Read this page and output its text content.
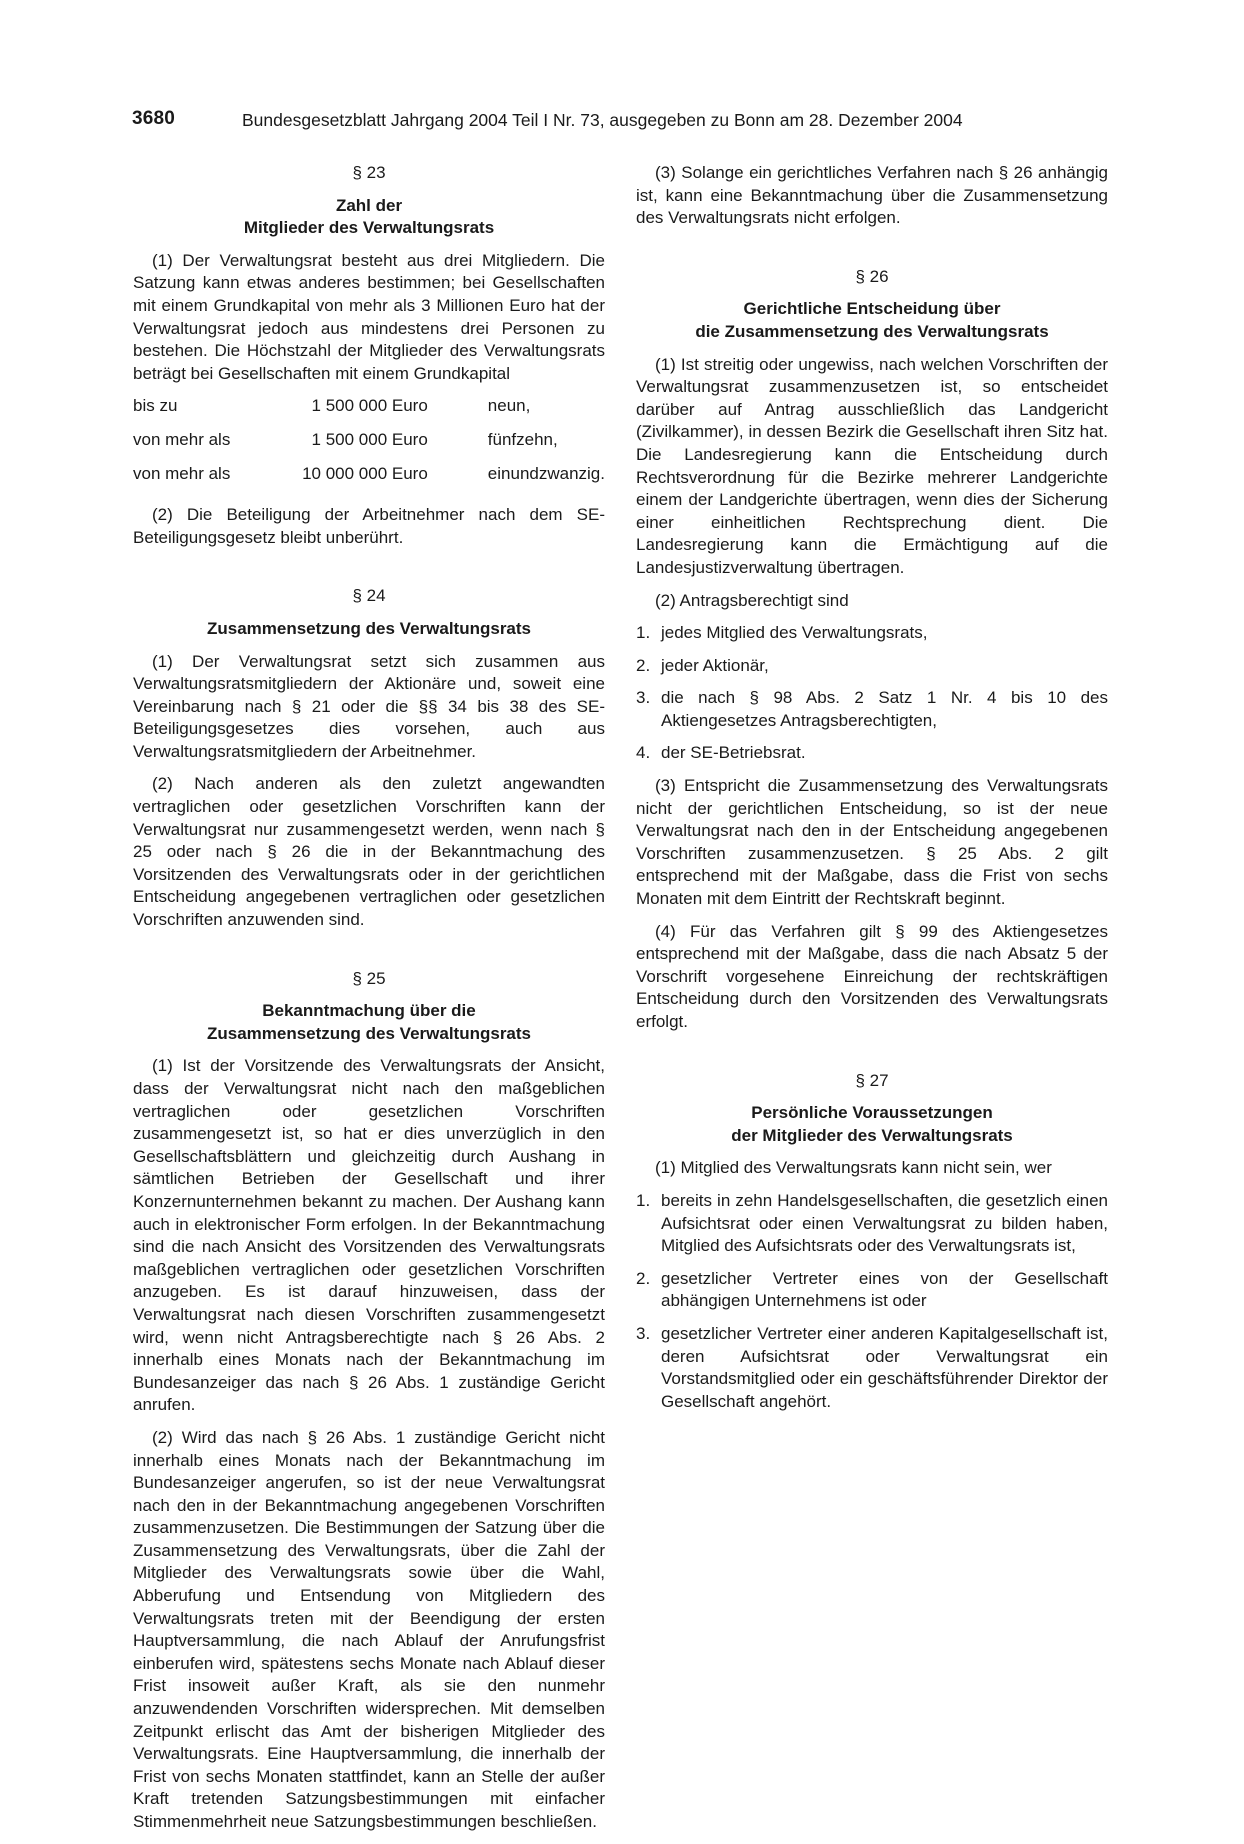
3680	Bundesgesetzblatt Jahrgang 2004 Teil I Nr. 73, ausgegeben zu Bonn am 28. Dezember 2004
§ 23
Zahl der
Mitglieder des Verwaltungsrats

(1) Der Verwaltungsrat besteht aus drei Mitgliedern. Die Satzung kann etwas anderes bestimmen; bei Gesellschaften mit einem Grundkapital von mehr als 3 Millionen Euro hat der Verwaltungsrat jedoch aus mindestens drei Personen zu bestehen. Die Höchstzahl der Mitglieder des Verwaltungsrats beträgt bei Gesellschaften mit einem Grundkapital

bis zu	1 500 000 Euro	neun,
von mehr als	1 500 000 Euro	fünfzehn,
von mehr als	10 000 000 Euro	einundzwanzig.

(2) Die Beteiligung der Arbeitnehmer nach dem SE-Beteiligungsgesetz bleibt unberührt.

§ 24
Zusammensetzung des Verwaltungsrats

(1) Der Verwaltungsrat setzt sich zusammen aus Verwaltungsratsmitgliedern der Aktionäre und, soweit eine Vereinbarung nach § 21 oder die §§ 34 bis 38 des SE-Beteiligungsgesetzes dies vorsehen, auch aus Verwaltungsratsmitgliedern der Arbeitnehmer.

(2) Nach anderen als den zuletzt angewandten vertraglichen oder gesetzlichen Vorschriften kann der Verwaltungsrat nur zusammengesetzt werden, wenn nach § 25 oder nach § 26 die in der Bekanntmachung des Vorsitzenden des Verwaltungsrats oder in der gerichtlichen Entscheidung angegebenen vertraglichen oder gesetzlichen Vorschriften anzuwenden sind.

§ 25
Bekanntmachung über die
Zusammensetzung des Verwaltungsrats

(1) Ist der Vorsitzende des Verwaltungsrats der Ansicht, dass der Verwaltungsrat nicht nach den maßgeblichen vertraglichen oder gesetzlichen Vorschriften zusammengesetzt ist, so hat er dies unverzüglich in den Gesellschaftsblättern und gleichzeitig durch Aushang in sämtlichen Betrieben der Gesellschaft und ihrer Konzernunternehmen bekannt zu machen. Der Aushang kann auch in elektronischer Form erfolgen. In der Bekanntmachung sind die nach Ansicht des Vorsitzenden des Verwaltungsrats maßgeblichen vertraglichen oder gesetzlichen Vorschriften anzugeben. Es ist darauf hinzuweisen, dass der Verwaltungsrat nach diesen Vorschriften zusammengesetzt wird, wenn nicht Antragsberechtigte nach § 26 Abs. 2 innerhalb eines Monats nach der Bekanntmachung im Bundesanzeiger das nach § 26 Abs. 1 zuständige Gericht anrufen.

(2) Wird das nach § 26 Abs. 1 zuständige Gericht nicht innerhalb eines Monats nach der Bekanntmachung im Bundesanzeiger angerufen, so ist der neue Verwaltungsrat nach den in der Bekanntmachung angegebenen Vorschriften zusammenzusetzen. Die Bestimmungen der Satzung über die Zusammensetzung des Verwaltungsrats, über die Zahl der Mitglieder des Verwaltungsrats sowie über die Wahl, Abberufung und Entsendung von Mitgliedern des Verwaltungsrats treten mit der Beendigung der ersten Hauptversammlung, die nach Ablauf der Anrufungsfrist einberufen wird, spätestens sechs Monate nach Ablauf dieser Frist insoweit außer Kraft, als sie den nunmehr anzuwendenden Vorschriften widersprechen. Mit demselben Zeitpunkt erlischt das Amt der bisherigen Mitglieder des Verwaltungsrats. Eine Hauptversammlung, die innerhalb der Frist von sechs Monaten stattfindet, kann an Stelle der außer Kraft tretenden Satzungsbestimmungen mit einfacher Stimmenmehrheit neue Satzungsbestimmungen beschließen.

(3) Solange ein gerichtliches Verfahren nach § 26 anhängig ist, kann eine Bekanntmachung über die Zusammensetzung des Verwaltungsrats nicht erfolgen.

§ 26
Gerichtliche Entscheidung über
die Zusammensetzung des Verwaltungsrats

(1) Ist streitig oder ungewiss, nach welchen Vorschriften der Verwaltungsrat zusammenzusetzen ist, so entscheidet darüber auf Antrag ausschließlich das Landgericht (Zivilkammer), in dessen Bezirk die Gesellschaft ihren Sitz hat. Die Landesregierung kann die Entscheidung durch Rechtsverordnung für die Bezirke mehrerer Landgerichte einem der Landgerichte übertragen, wenn dies der Sicherung einer einheitlichen Rechtsprechung dient. Die Landesregierung kann die Ermächtigung auf die Landesjustizverwaltung übertragen.

(2) Antragsberechtigt sind

1. jedes Mitglied des Verwaltungsrats,
2. jeder Aktionär,
3. die nach § 98 Abs. 2 Satz 1 Nr. 4 bis 10 des Aktiengesetzes Antragsberechtigten,
4. der SE-Betriebsrat.

(3) Entspricht die Zusammensetzung des Verwaltungsrats nicht der gerichtlichen Entscheidung, so ist der neue Verwaltungsrat nach den in der Entscheidung angegebenen Vorschriften zusammenzusetzen. § 25 Abs. 2 gilt entsprechend mit der Maßgabe, dass die Frist von sechs Monaten mit dem Eintritt der Rechtskraft beginnt.

(4) Für das Verfahren gilt § 99 des Aktiengesetzes entsprechend mit der Maßgabe, dass die nach Absatz 5 der Vorschrift vorgesehene Einreichung der rechtskräftigen Entscheidung durch den Vorsitzenden des Verwaltungsrats erfolgt.

§ 27
Persönliche Voraussetzungen
der Mitglieder des Verwaltungsrats

(1) Mitglied des Verwaltungsrats kann nicht sein, wer

1. bereits in zehn Handelsgesellschaften, die gesetzlich einen Aufsichtsrat oder einen Verwaltungsrat zu bilden haben, Mitglied des Aufsichtsrats oder des Verwaltungsrats ist,
2. gesetzlicher Vertreter eines von der Gesellschaft abhängigen Unternehmens ist oder
3. gesetzlicher Vertreter einer anderen Kapitalgesellschaft ist, deren Aufsichtsrat oder Verwaltungsrat ein Vorstandsmitglied oder ein geschäftsführender Direktor der Gesellschaft angehört.
